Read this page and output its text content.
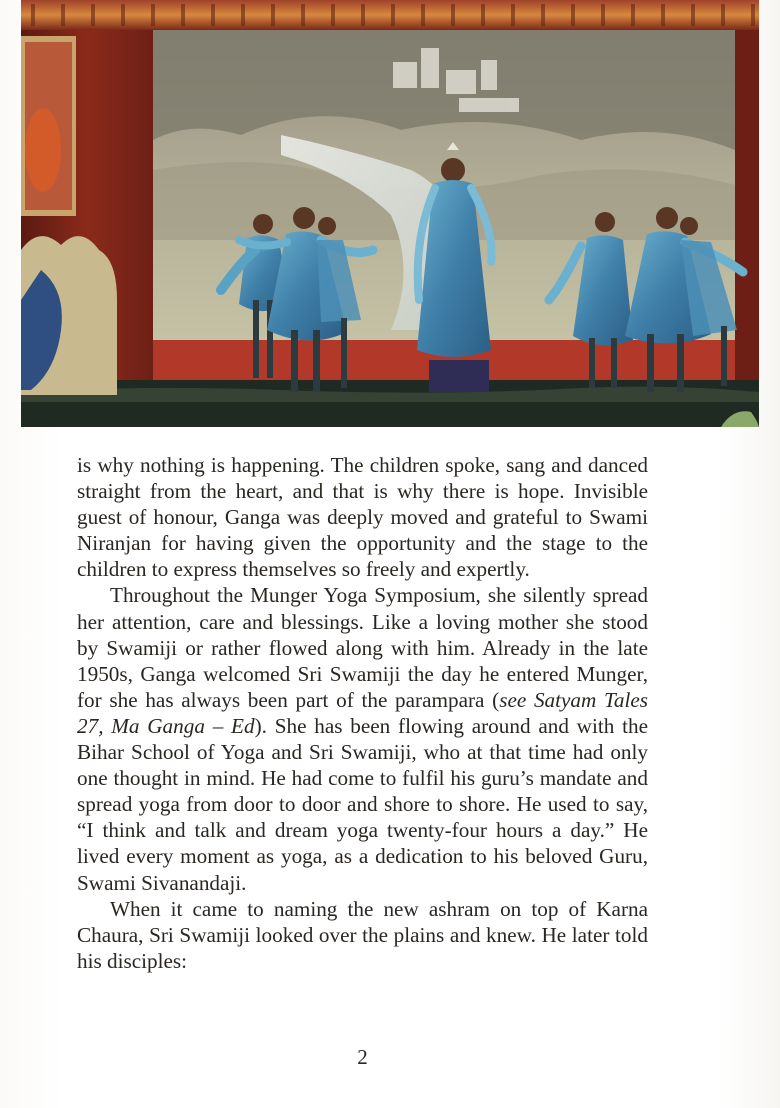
is why nothing is happening. The children spoke, sang and danced straight from the heart, and that is why there is hope. Invisible guest of honour, Ganga was deeply moved and grateful to Swami Niranjan for having given the opportunity and the stage to the children to express themselves so freely and expertly.

Throughout the Munger Yoga Symposium, she silently spread her attention, care and blessings. Like a loving mother she stood by Swamiji or rather flowed along with him. Already in the late 1950s, Ganga welcomed Sri Swamiji the day he entered Munger, for she has always been part of the parampara (see Satyam Tales 27, Ma Ganga – Ed). She has been flowing around and with the Bihar School of Yoga and Sri Swamiji, who at that time had only one thought in mind. He had come to fulfil his guru’s mandate and spread yoga from door to door and shore to shore. He used to say, “I think and talk and dream yoga twenty-four hours a day.” He lived every moment as yoga, as a dedication to his beloved Guru, Swami Sivanandaji.

When it came to naming the new ashram on top of Karna Chaura, Sri Swamiji looked over the plains and knew. He later told his disciples:

2
